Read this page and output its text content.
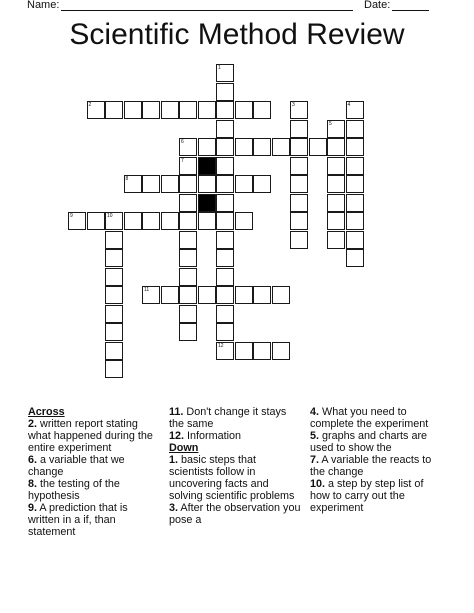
Name:	Date:
Scientific Method Review
1
2	3	4
5
6
7
8
9	10
11
12
Across
2. written report stating what happened during the entire experiment
6. a variable that we change
8. the testing of the hypothesis
9. A prediction that is written in a if, than statement
11. Don't change it stays the same
12. Information
Down
1. basic steps that scientists follow in uncovering facts and solving scientific problems
3. After the observation you pose a
4. What you need to complete the experiment
5. graphs and charts are used to show the
7. A variable the reacts to the change
10. a step by step list of how to carry out the experiment
